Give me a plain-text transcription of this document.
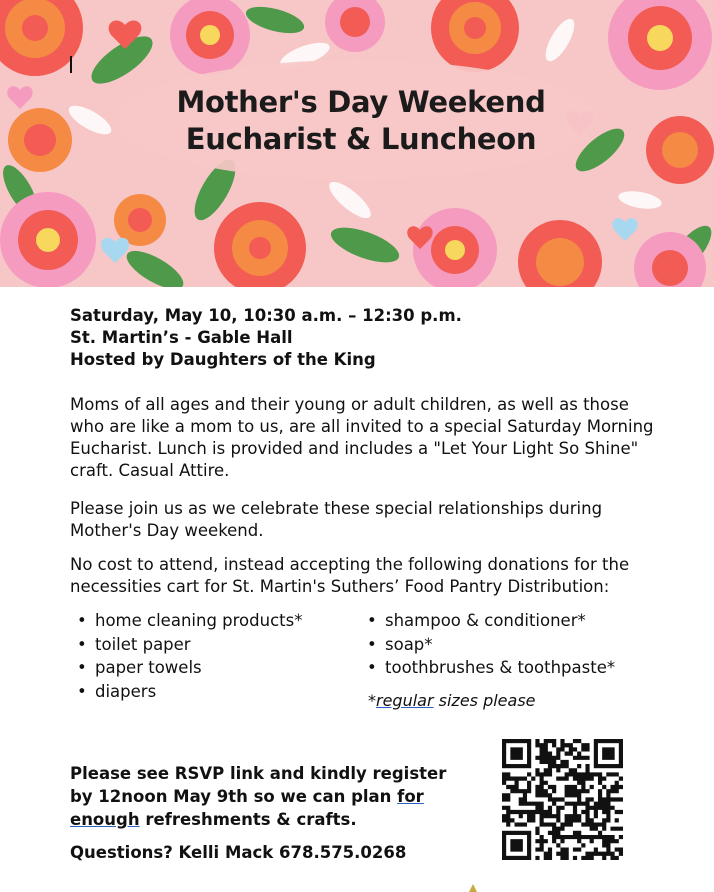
Mother's Day Weekend
Eucharist & Luncheon

Saturday, May 10, 10:30 a.m. – 12:30 p.m.

St. Martin’s - Gable Hall

Hosted by Daughters of the King

Moms of all ages and their young or adult children, as well as those who are like a mom to us, are all invited to a special Saturday Morning Eucharist. Lunch is provided and includes a "Let Your Light So Shine" craft. Casual Attire.

Please join us as we celebrate these special relationships during Mother's Day weekend.

No cost to attend, instead accepting the following donations for the necessities cart for St. Martin's Suthers’ Food Pantry Distribution:

• home cleaning products*
• toilet paper
• paper towels
• diapers
• shampoo & conditioner*
• soap*
• toothbrushes & toothpaste*
*regular sizes please

Please see RSVP link and kindly register by 12noon May 9th so we can plan for enough refreshments & crafts.

Questions? Kelli Mack 678.575.0268
